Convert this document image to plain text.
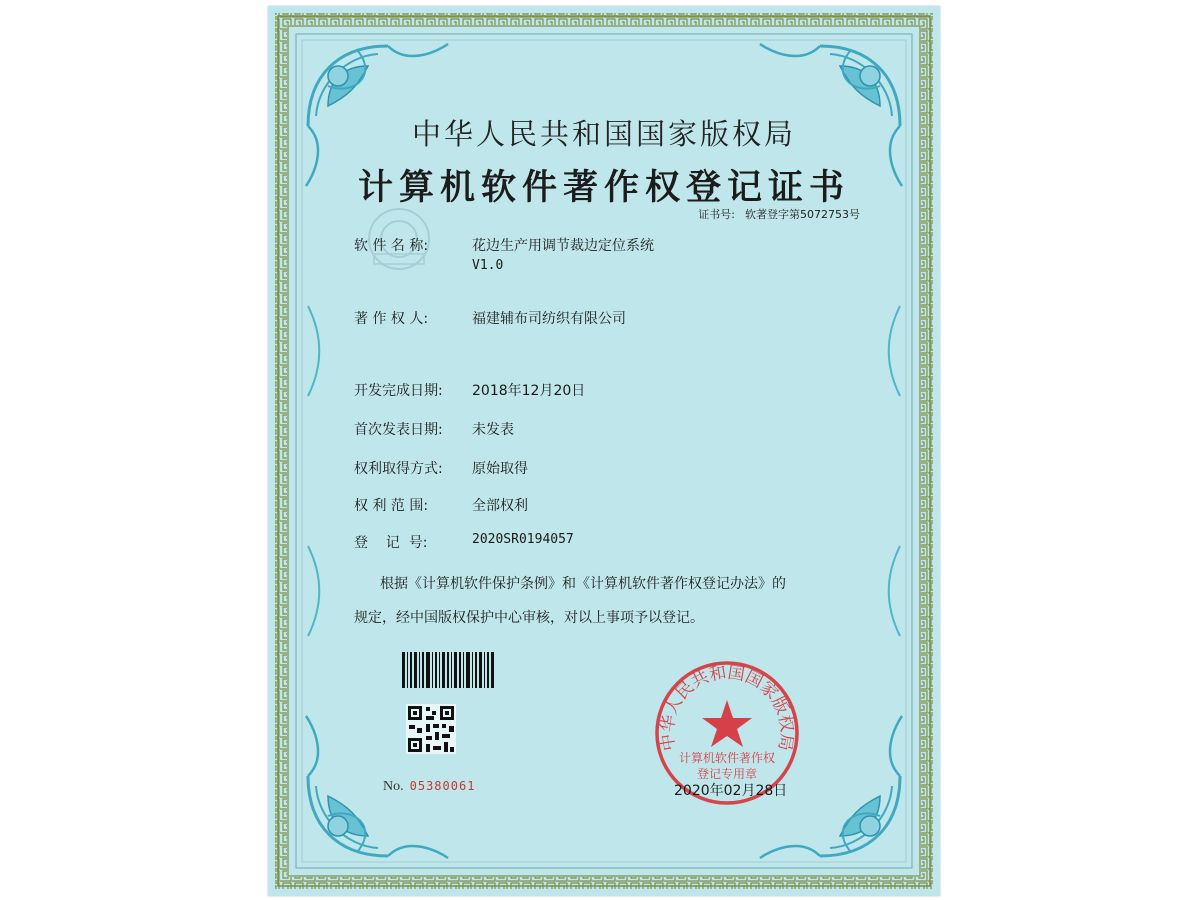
中华人民共和国国家版权局
计算机软件著作权登记证书
证书号: 软著登字第5072753号
软 件 名 称:	花边生产用调节裁边定位系统
V1.0
著 作 权 人:	福建辅布司纺织有限公司
开发完成日期: 2018年12月20日
首次发表日期: 未发表
权利取得方式: 原始取得
权 利 范 围:	全部权利
登    记  号:	2020SR0194057
根据《计算机软件保护条例》和《计算机软件著作权登记办法》的
规定，经中国版权保护中心审核，对以上事项予以登记。
No. 05380061
中华人民共和国国家版权局
计算机软件著作权
登记专用章
2020年02月28日
